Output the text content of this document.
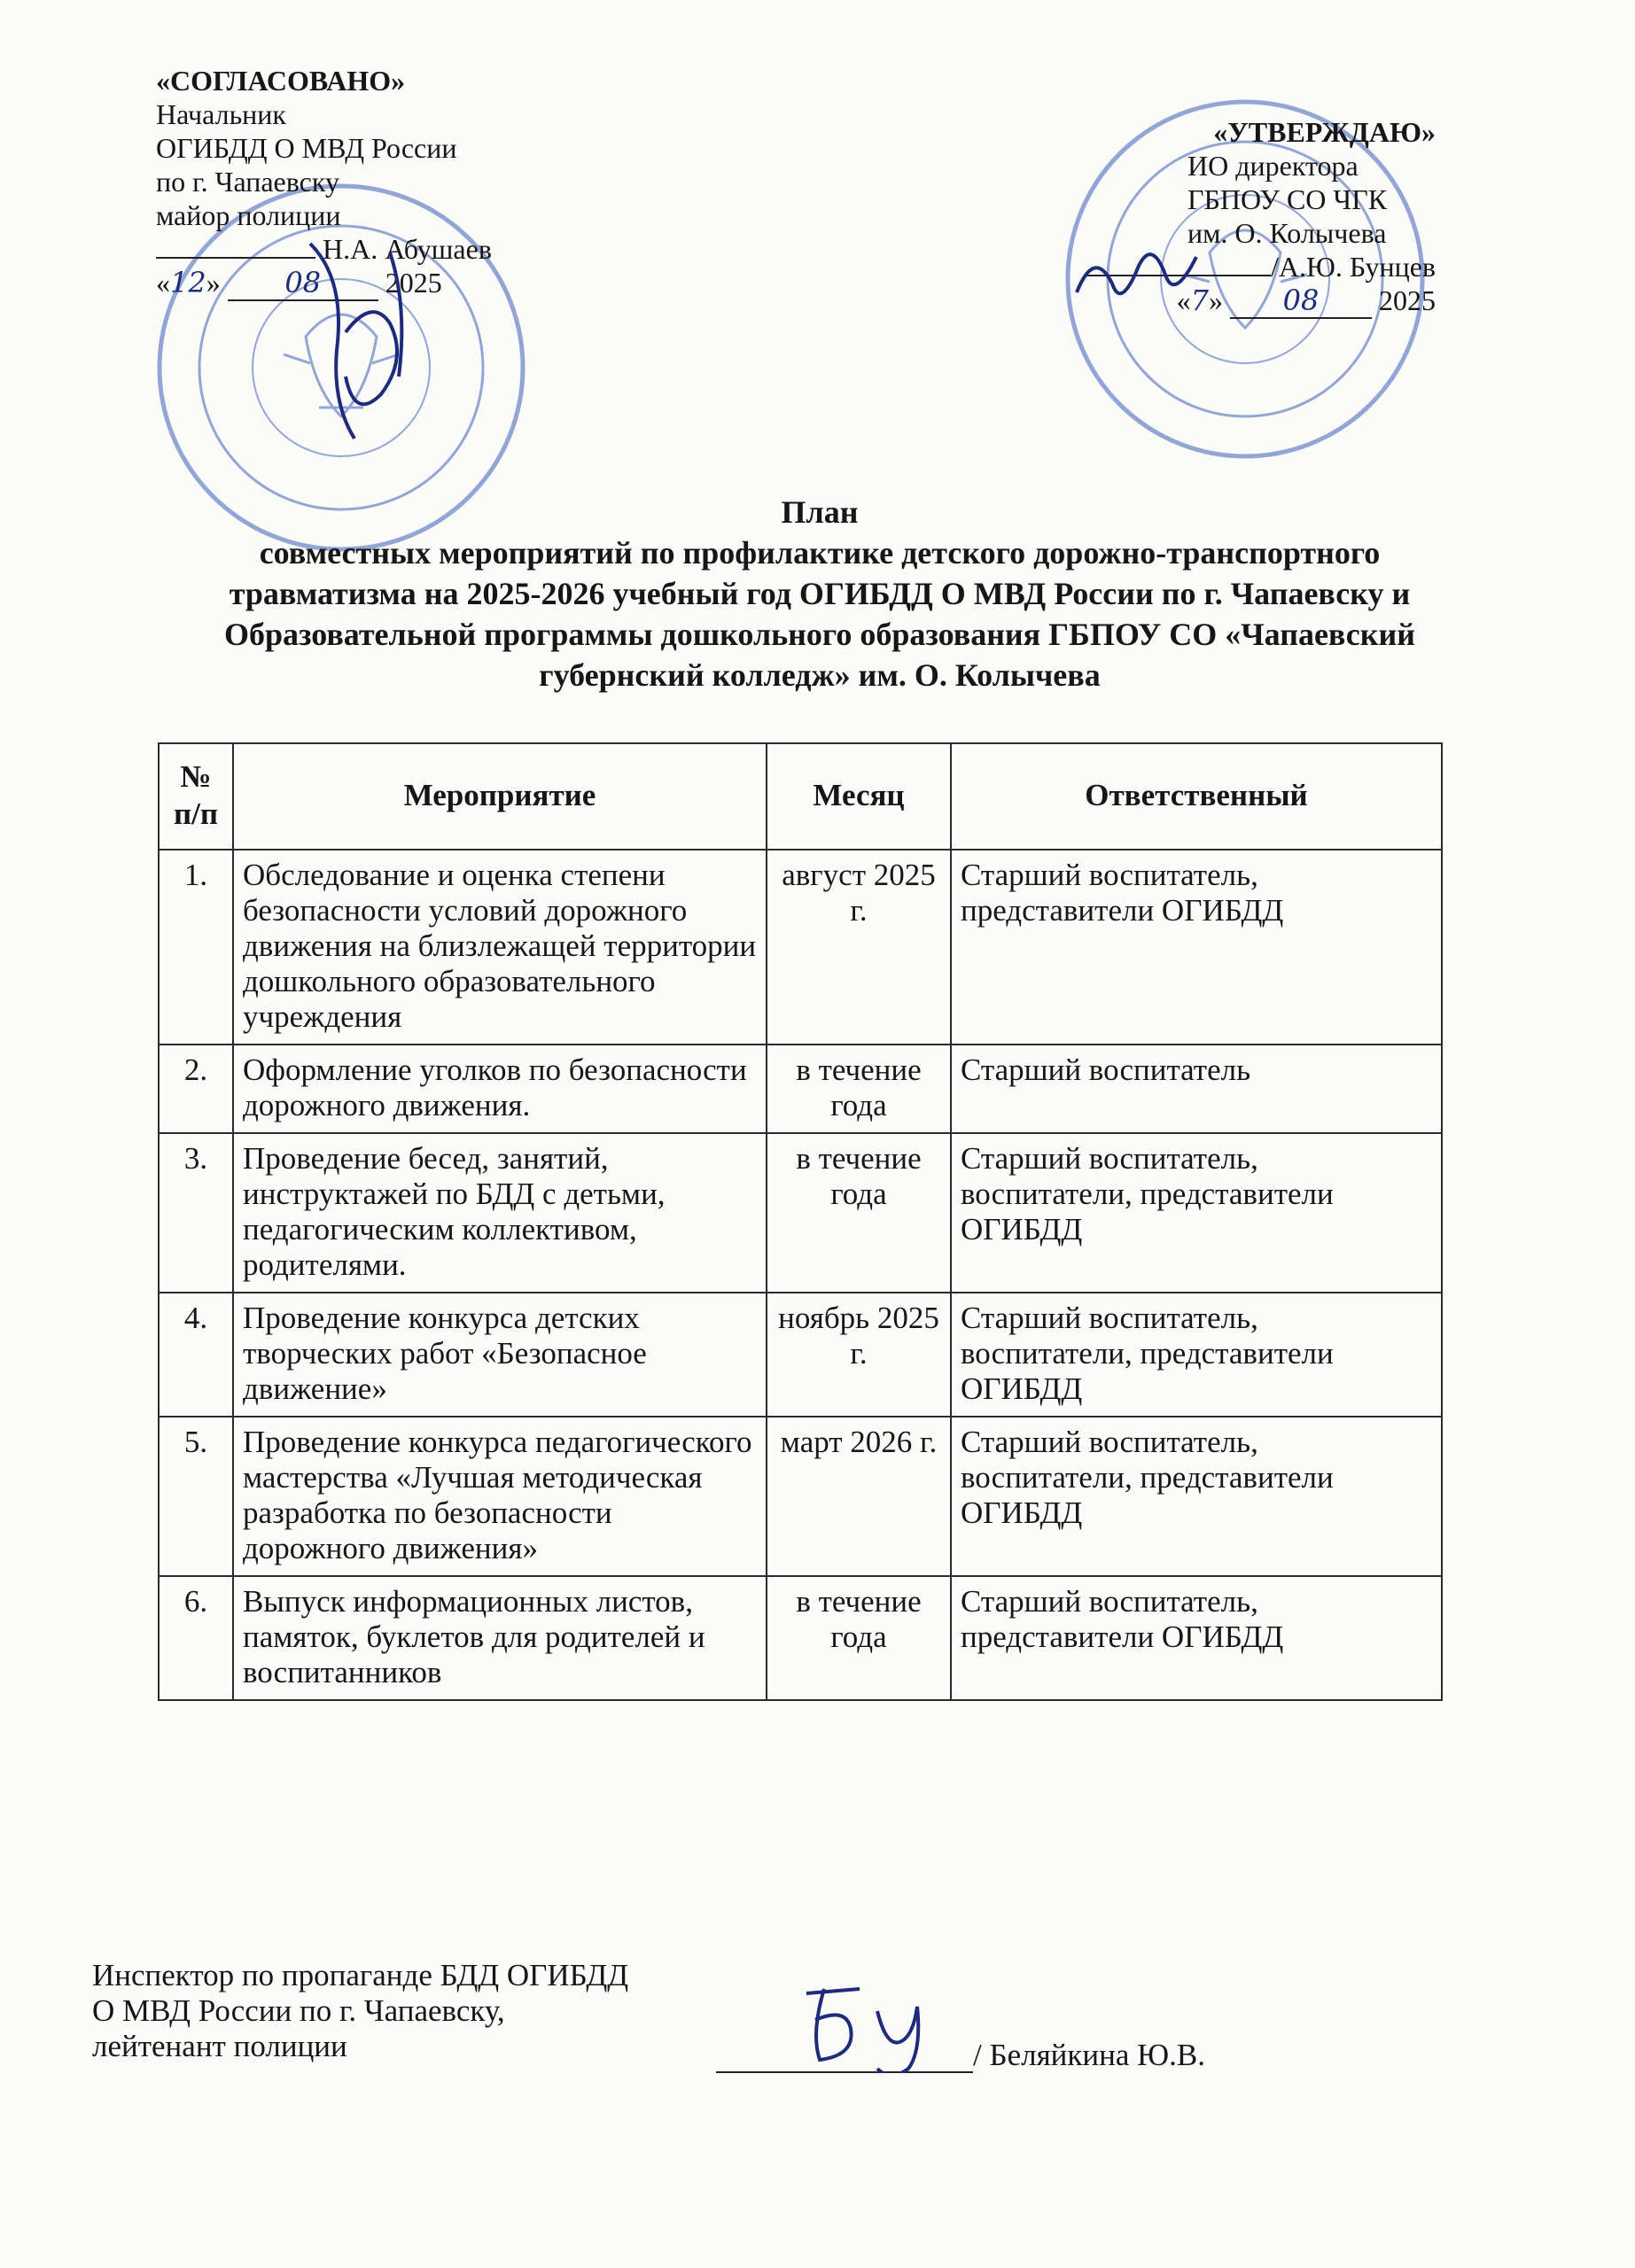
«СОГЛАСОВАНО»
Начальник
ОГИБДД О МВД России
по г. Чапаевску
майор полиции
Н.А. Абушаев
«12» 08 2025
«УТВЕРЖДАЮ»
ИО директора
ГБПОУ СО ЧГК
им. О. Колычева
/А.Ю. Бунцев
«7» 08 2025
План
совместных мероприятий по профилактике детского дорожно-транспортного
травматизма на 2025-2026 учебный год ОГИБДД О МВД России по г. Чапаевску и
Образовательной программы дошкольного образования ГБПОУ СО «Чапаевский
губернский колледж» им. О. Колычева
№
п/п	Мероприятие	Месяц	Ответственный
1.	Обследование и оценка степени безопасности условий дорожного движения на близлежащей территории дошкольного образовательного учреждения	август 2025 г.	Старший воспитатель, представители ОГИБДД
2.	Оформление уголков по безопасности дорожного движения.	в течение года	Старший воспитатель
3.	Проведение бесед, занятий, инструктажей по БДД с детьми, педагогическим коллективом, родителями.	в течение года	Старший воспитатель, воспитатели, представители ОГИБДД
4.	Проведение конкурса детских творческих работ «Безопасное движение»	ноябрь 2025 г.	Старший воспитатель, воспитатели, представители ОГИБДД
5.	Проведение конкурса педагогического мастерства «Лучшая методическая разработка по безопасности дорожного движения»	март 2026 г.	Старший воспитатель, воспитатели, представители ОГИБДД
6.	Выпуск информационных листов, памяток, буклетов для родителей и воспитанников	в течение года	Старший воспитатель, представители ОГИБДД
Инспектор по пропаганде БДД ОГИБДД
О МВД России по г. Чапаевску,
лейтенант полиции	/ Беляйкина Ю.В.
